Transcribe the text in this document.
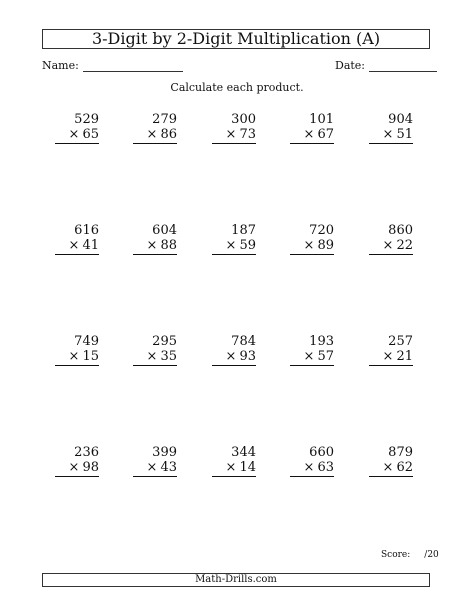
3-Digit by 2-Digit Multiplication (A)
Name:	Date:
Calculate each product.
529
× 65
279
× 86
300
× 73
101
× 67
904
× 51
616
× 41
604
× 88
187
× 59
720
× 89
860
× 22
749
× 15
295
× 35
784
× 93
193
× 57
257
× 21
236
× 98
399
× 43
344
× 14
660
× 63
879
× 62
Score: /20
Math-Drills.com
